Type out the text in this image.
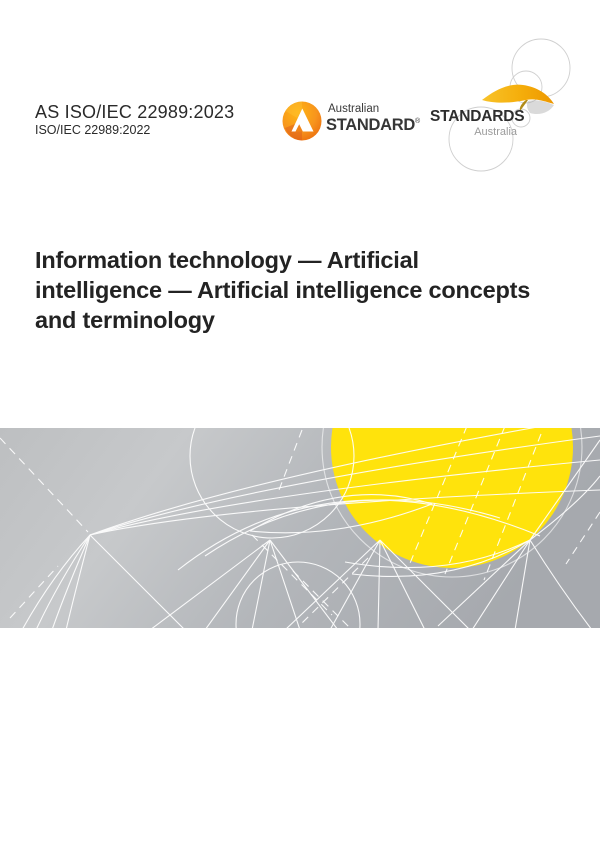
AS ISO/IEC 22989:2023
ISO/IEC 22989:2022
Australian
STANDARD® STANDARDS
Australia
Information technology — Artificial
intelligence — Artificial intelligence concepts
and terminology
